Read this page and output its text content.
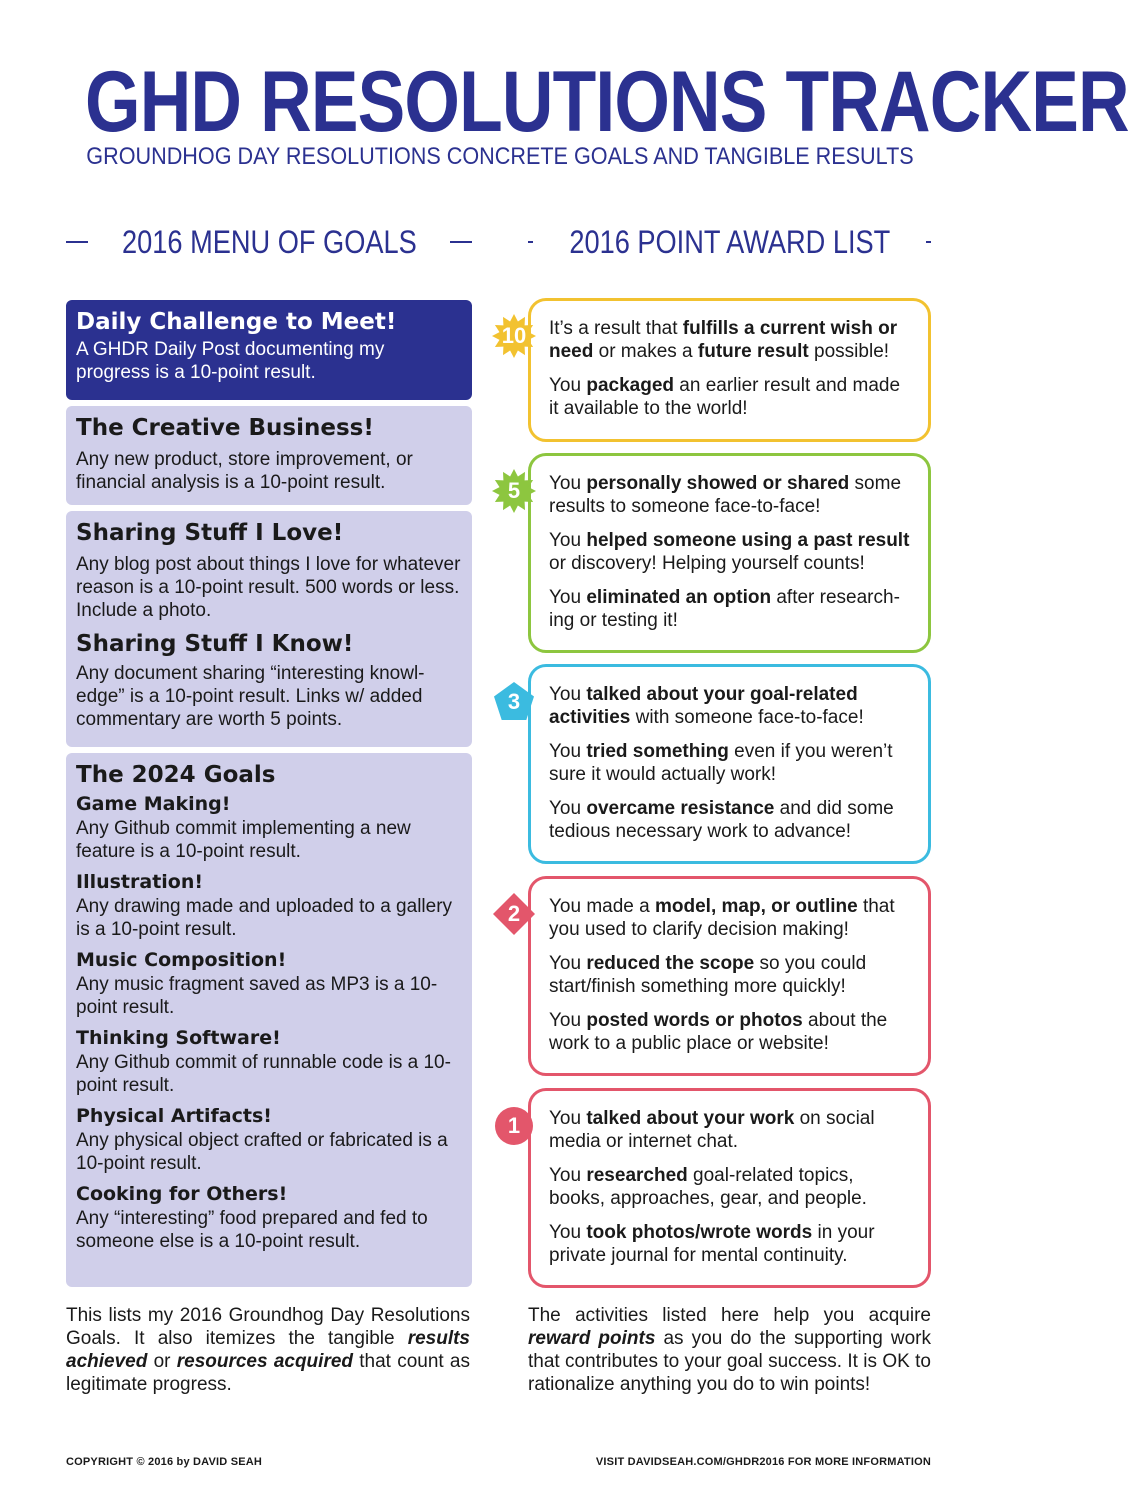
GHD RESOLUTIONS TRACKER
GROUNDHOG DAY RESOLUTIONS CONCRETE GOALS AND TANGIBLE RESULTS
2016 MENU OF GOALS	2016 POINT AWARD LIST
Daily Challenge to Meet!

A GHDR Daily Post documenting my progress is a 10-point result.

The Creative Business!

Any new product, store improvement, or financial analysis is a 10-point result.

Sharing Stuff I Love!

Any blog post about things I love for whatever reason is a 10-point result. 500 words or less. Include a photo.

Sharing Stuff I Know!

Any document sharing “interesting knowl-edge” is a 10-point result. Links w/ added commentary are worth 5 points.

The 2024 Goals
Game Making!

Any Github commit implementing a new feature is a 10-point result.

Illustration!

Any drawing made and uploaded to a gallery is a 10-point result.

Music Composition!

Any music fragment saved as MP3 is a 10-point result.

Thinking Software!

Any Github commit of runnable code is a 10-point result.

Physical Artifacts!

Any physical object crafted or fabricated is a 10-point result.

Cooking for Others!

Any “interesting” food prepared and fed to someone else is a 10-point result.

This lists my 2016 Groundhog Day Resolutions Goals. It also itemizes the tangible results achieved or resources acquired that count as legitimate progress.

It’s a result that fulfills a current wish or need or makes a future result possible!

You packaged an earlier result and made it available to the world!

10

You personally showed or shared some results to someone face-to-face!

You helped someone using a past result or discovery! Helping yourself counts!

You eliminated an option after research-ing or testing it!

5

You talked about your goal-related activities with someone face-to-face!

You tried something even if you weren’t sure it would actually work!

You overcame resistance and did some tedious necessary work to advance!

3

You made a model, map, or outline that you used to clarify decision making!

You reduced the scope so you could start/finish something more quickly!

You posted words or photos about the work to a public place or website!

2

You talked about your work on social media or internet chat.

You researched goal-related topics, books, approaches, gear, and people.

You took photos/wrote words in your private journal for mental continuity.

1
The activities listed here help you acquire reward points as you do the supporting work that contributes to your goal success. It is OK to rationalize anything you do to win points!
COPYRIGHT © 2016 by DAVID SEAH	VISIT DAVIDSEAH.COM/GHDR2016 FOR MORE INFORMATION
